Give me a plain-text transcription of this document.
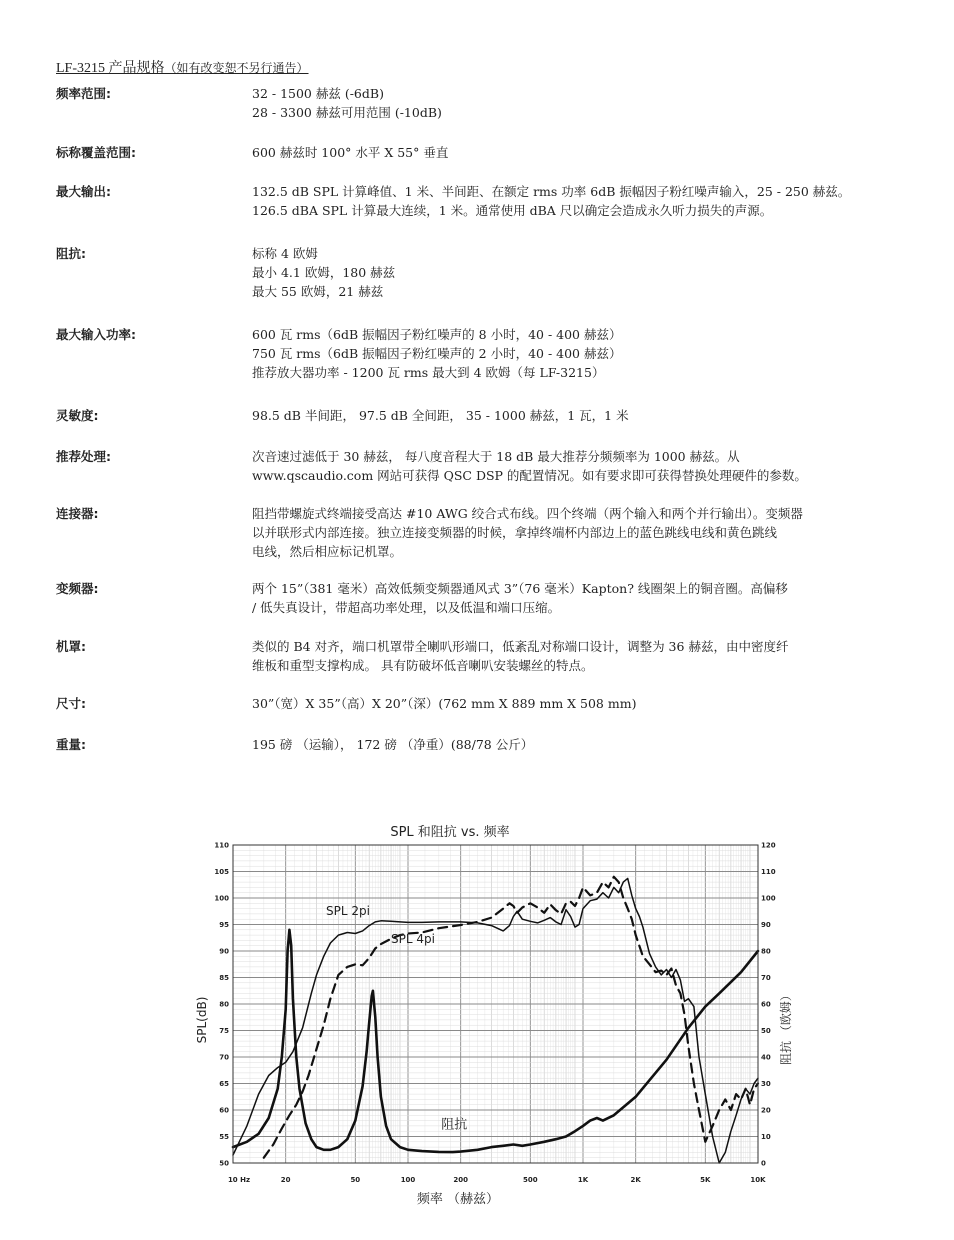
LF-3215 产品规格（如有改变恕不另行通告）
频率范围:	32 - 1500 赫兹 (-6dB)
28 - 3300 赫兹可用范围 (-10dB)
标称覆盖范围:	600 赫兹时 100° 水平 X 55° 垂直
最大输出:	132.5 dB SPL 计算峰值、1 米、半间距、在额定 rms 功率 6dB 振幅因子粉红噪声输入，25 - 250 赫兹。
126.5 dBA SPL 计算最大连续，1 米。通常使用 dBA 尺以确定会造成永久听力损失的声源。
阻抗:	标称 4 欧姆
最小 4.1 欧姆，180 赫兹
最大 55 欧姆，21 赫兹
最大输入功率:	600 瓦 rms（6dB 振幅因子粉红噪声的 8 小时，40 - 400 赫兹）
750 瓦 rms（6dB 振幅因子粉红噪声的 2 小时，40 - 400 赫兹）
推荐放大器功率 - 1200 瓦 rms 最大到 4 欧姆（每 LF-3215）
灵敏度:	98.5 dB 半间距， 97.5 dB 全间距， 35 - 1000 赫兹，1 瓦，1 米
推荐处理:	次音速过滤低于 30 赫兹， 每八度音程大于 18 dB 最大推荐分频频率为 1000 赫兹。从
www.qscaudio.com 网站可获得 QSC DSP 的配置情况。如有要求即可获得替换处理硬件的参数。
连接器:	阻挡带螺旋式终端接受高达 #10 AWG 绞合式布线。四个终端（两个输入和两个并行输出）。变频器
以并联形式内部连接。独立连接变频器的时候，拿掉终端杯内部边上的蓝色跳线电线和黄色跳线
电线，然后相应标记机罩。
变频器:	两个 15”（381 毫米）高效低频变频器通风式 3”（76 毫米）Kapton? 线圈架上的铜音圈。高偏移
/ 低失真设计，带超高功率处理，以及低温和端口压缩。
机罩:	类似的 B4 对齐，端口机罩带全喇叭形端口，低紊乱对称端口设计，调整为 36 赫兹，由中密度纤
维板和重型支撑构成。 具有防破坏低音喇叭安装螺丝的特点。
尺寸:	30”（宽）X 35”（高）X 20”（深）(762 mm X 889 mm X 508 mm)
重量:	195 磅 （运输）， 172 磅 （净重）(88/78 公斤）
SPL 和阻抗 vs. 频率
频率 （赫兹）
SPL(dB)	阻抗 （欧姆）
10 Hz	20	50	100	200	500	1K	2K	5K	10K
50
55
60
65
70
75
80
85
90
95
100
105
110
0
10
20
30
40
50
60
70
80
90
100
110
120
SPL 2pi
SPL 4pi
阻抗
